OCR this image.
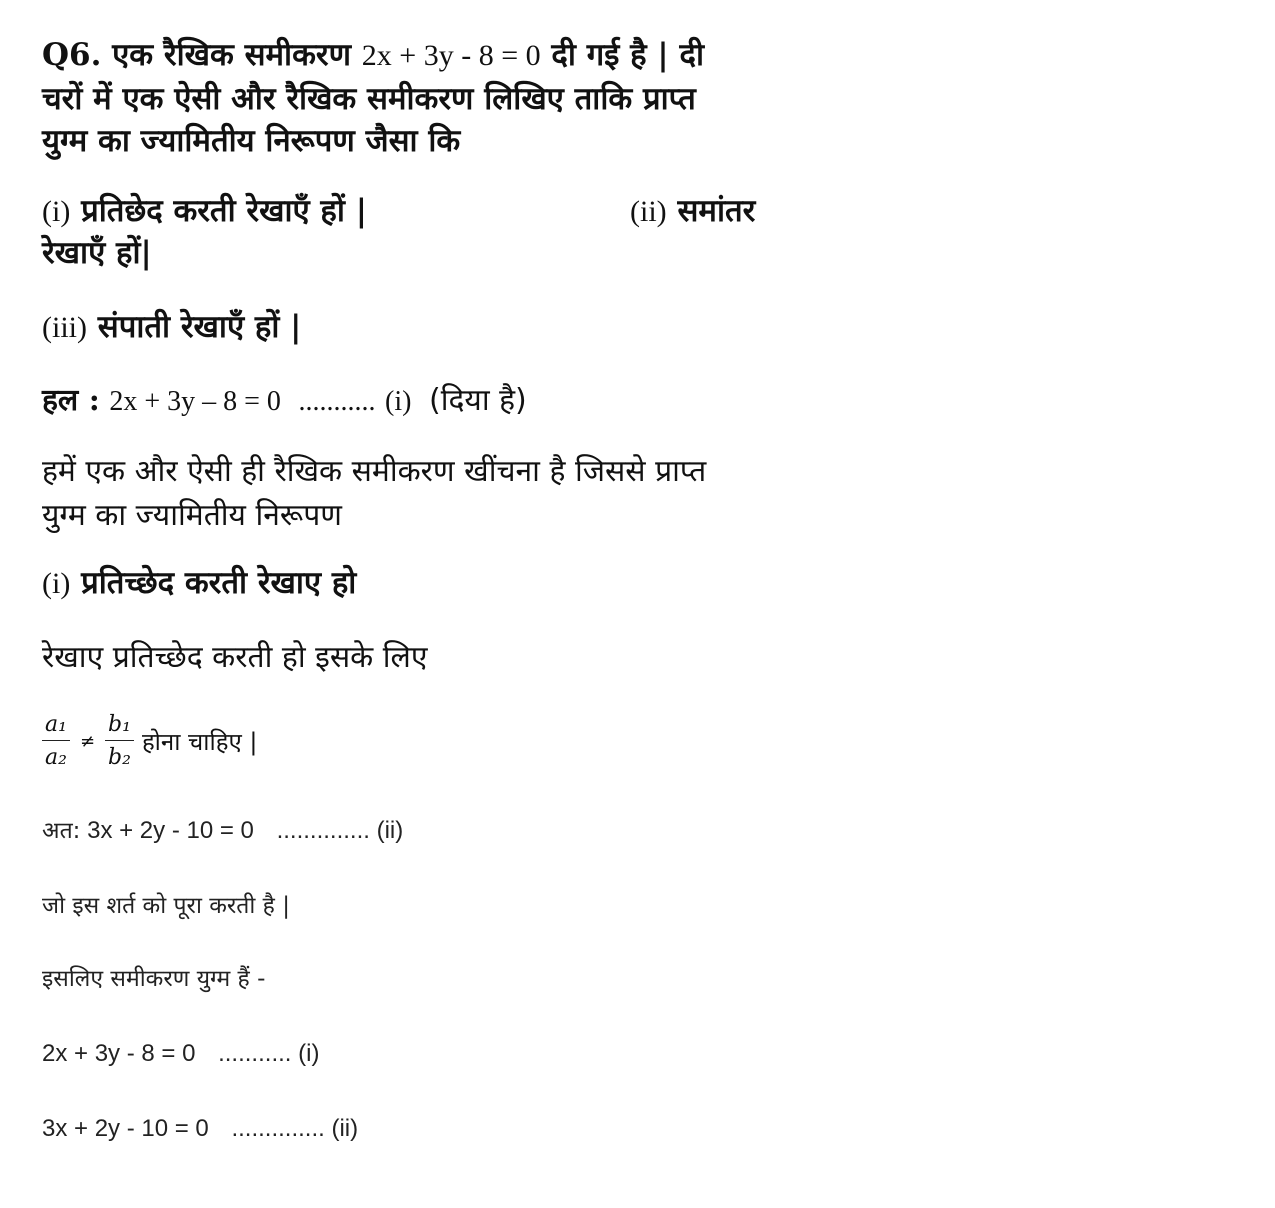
Q6. एक रैखिक समीकरण 2x + 3y - 8 = 0 दी गई है | दी
चरों में एक ऐसी और रैखिक समीकरण लिखिए ताकि प्राप्त
युग्म का ज्यामितीय निरूपण जैसा कि
(i) प्रतिछेद करती रेखाएँ हों |	(ii) समांतर
रेखाएँ हों|
(iii) संपाती रेखाएँ हों |
हल : 2x + 3y – 8 = 0 ........... (i) (दिया है)
हमें एक और ऐसी ही रैखिक समीकरण खींचना है जिससे प्राप्त
युग्म का ज्यामितीय निरूपण
(i) प्रतिच्छेद करती रेखाए हो
रेखाए प्रतिच्छेद करती हो इसके लिए
$\frac{\text{a₁}}{\text{a₂}} \ne \frac{\text{b₁}}{\text{b₂}}$ होना चाहिए |
अत: 3x + 2y - 10 = 0 .............. (ii)
जो इस शर्त को पूरा करती है |
इसलिए समीकरण युग्म हैं -
2x + 3y - 8 = 0 ........... (i)
3x + 2y - 10 = 0 .............. (ii)
